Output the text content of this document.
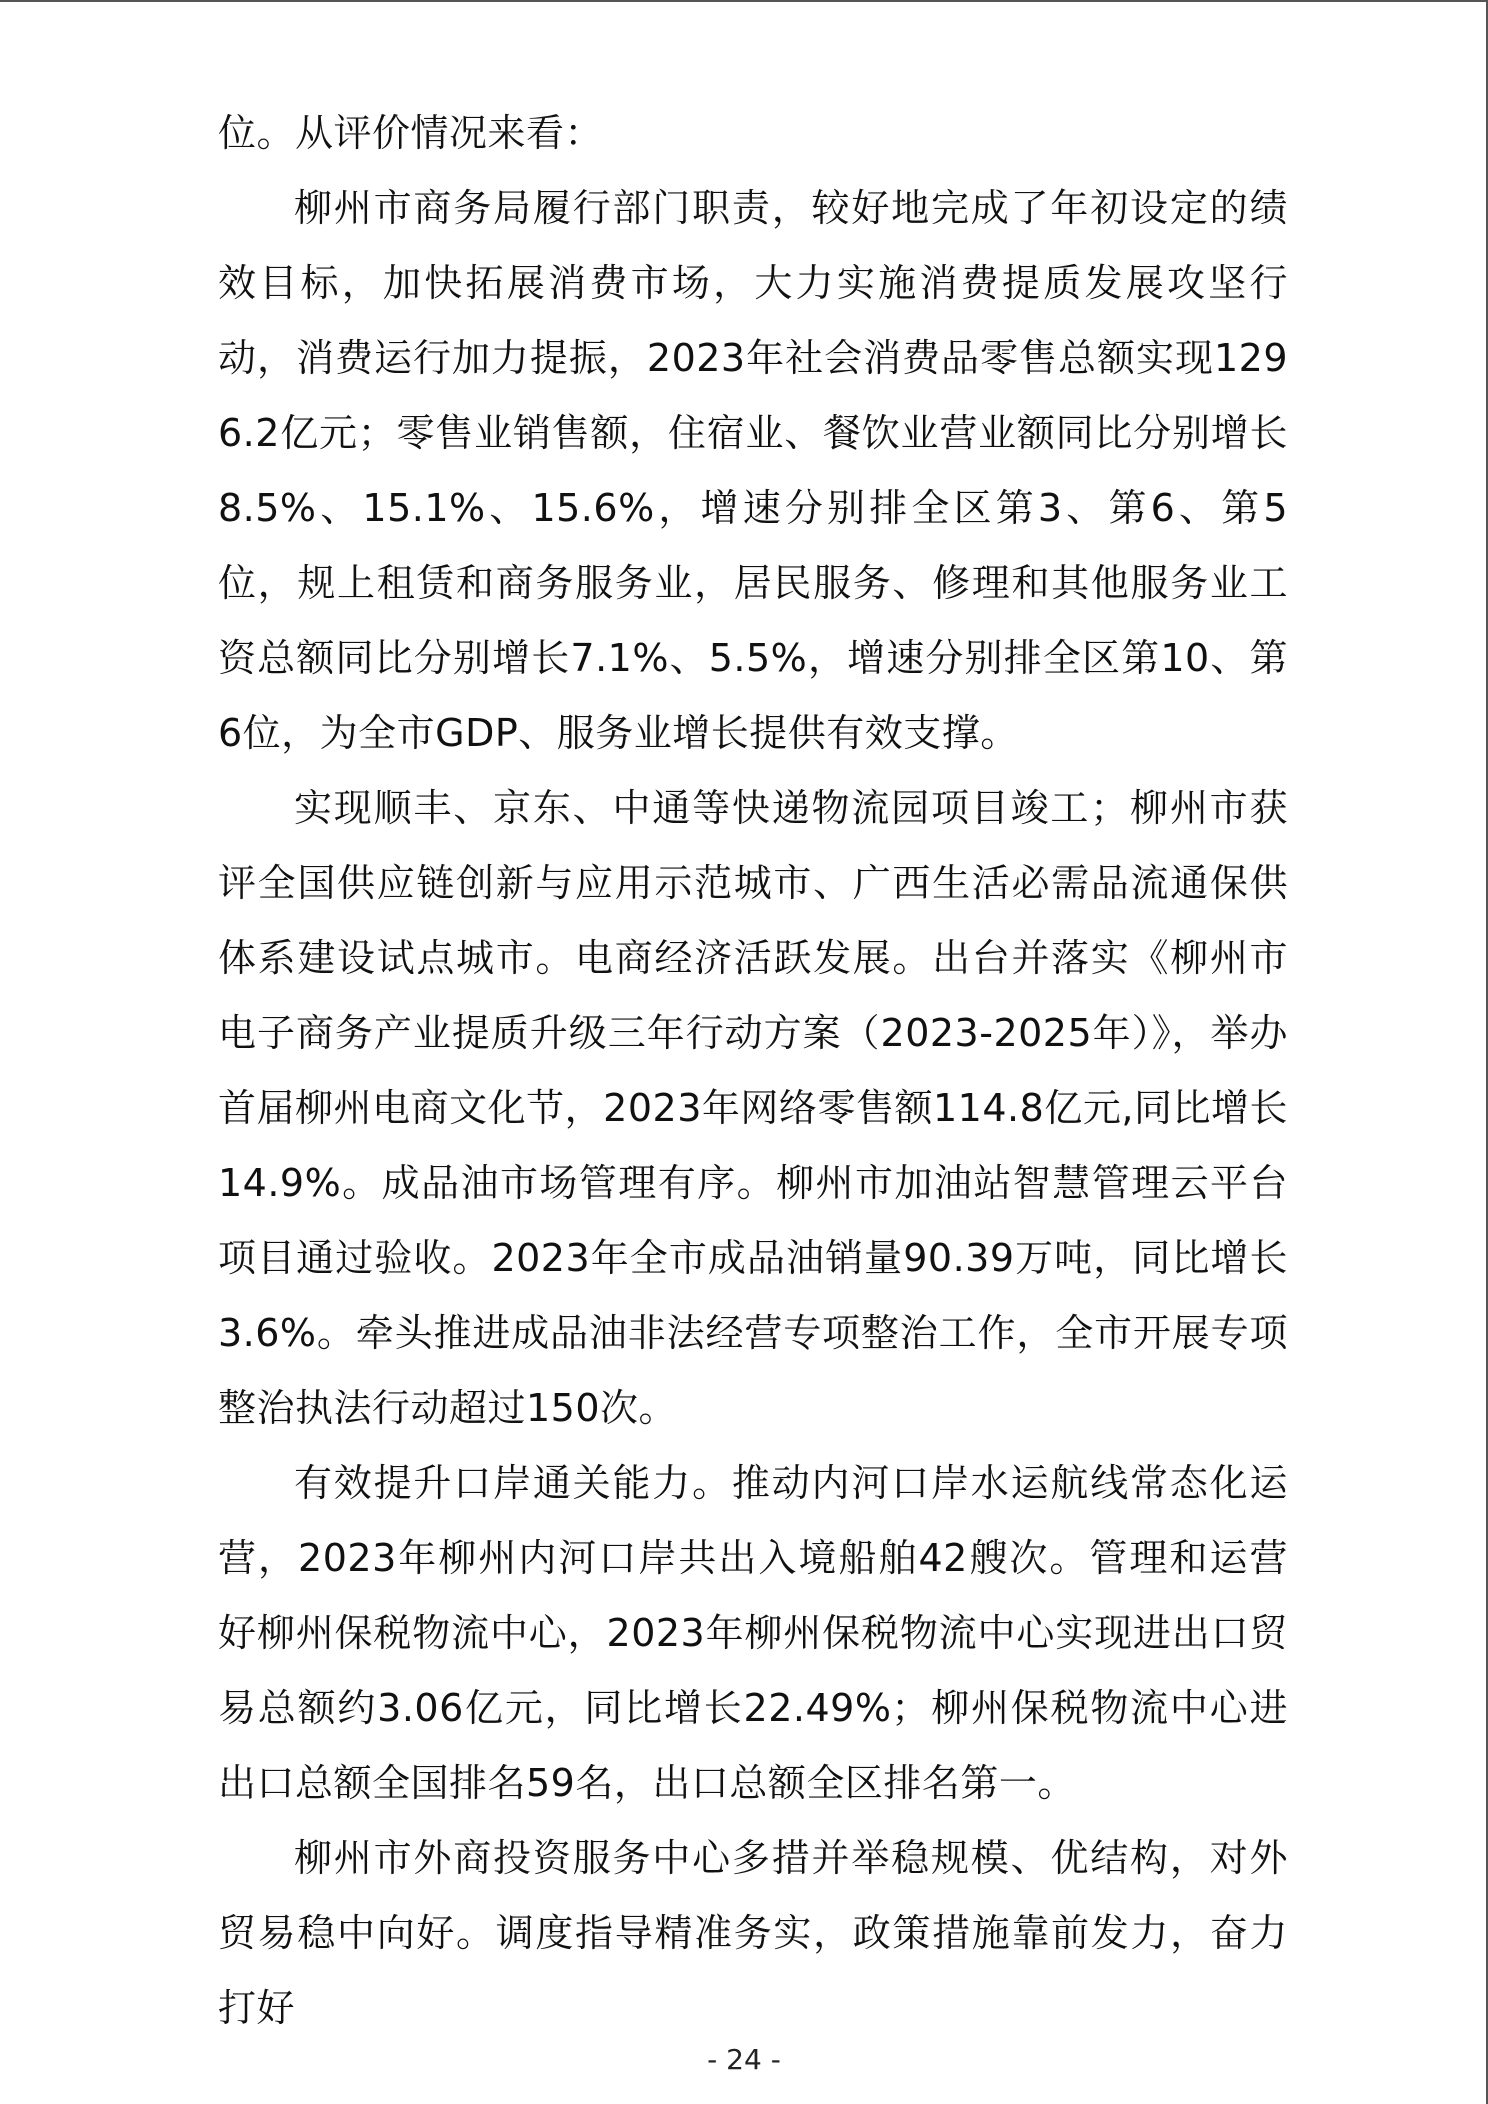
位。从评价情况来看：

柳州市商务局履行部门职责，较好地完成了年初设定的绩效目标，加快拓展消费市场，大力实施消费提质发展攻坚行动，消费运行加力提振，2023年社会消费品零售总额实现1296.2亿元；零售业销售额，住宿业、餐饮业营业额同比分别增长8.5%、15.1%、15.6%，增速分别排全区第3、第6、第5位，规上租赁和商务服务业，居民服务、修理和其他服务业工资总额同比分别增长7.1%、5.5%，增速分别排全区第10、第6位，为全市GDP、服务业增长提供有效支撑。

实现顺丰、京东、中通等快递物流园项目竣工；柳州市获评全国供应链创新与应用示范城市、广西生活必需品流通保供体系建设试点城市。电商经济活跃发展。出台并落实《柳州市电子商务产业提质升级三年行动方案（2023-2025年）》，举办首届柳州电商文化节，2023年网络零售额114.8亿元,同比增长14.9%。成品油市场管理有序。柳州市加油站智慧管理云平台项目通过验收。2023年全市成品油销量90.39万吨，同比增长3.6%。牵头推进成品油非法经营专项整治工作，全市开展专项整治执法行动超过150次。

有效提升口岸通关能力。推动内河口岸水运航线常态化运营，2023年柳州内河口岸共出入境船舶42艘次。管理和运营好柳州保税物流中心，2023年柳州保税物流中心实现进出口贸易总额约3.06亿元，同比增长22.49%；柳州保税物流中心进出口总额全国排名59名，出口总额全区排名第一。

柳州市外商投资服务中心多措并举稳规模、优结构，对外贸易稳中向好。调度指导精准务实，政策措施靠前发力，奋力打好

- 24 -
